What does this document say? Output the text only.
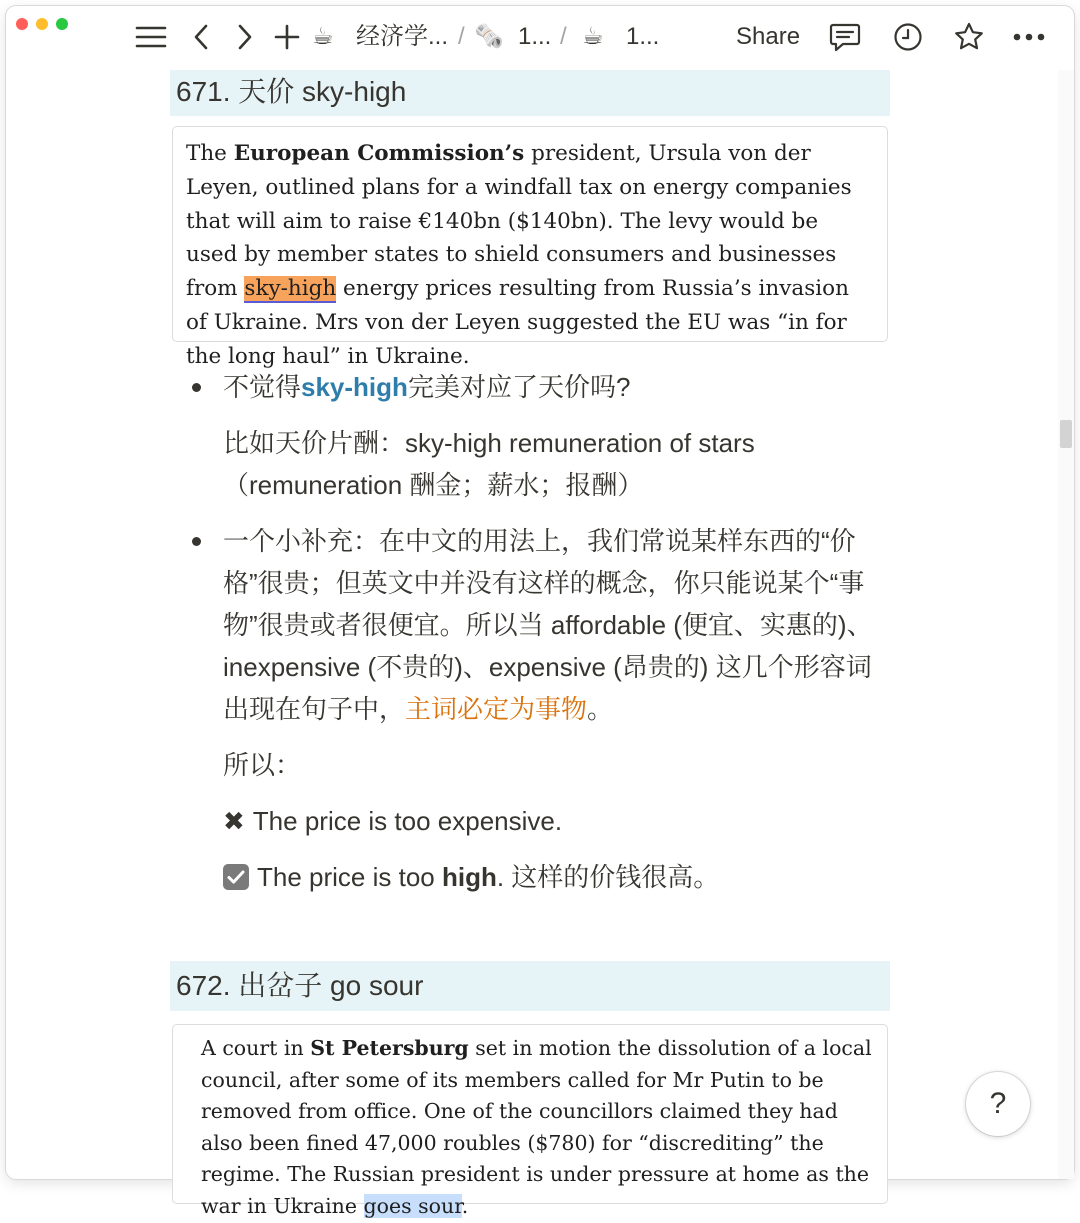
☕ 经济学... / 🗞️ 1... / ☕ 1...	Share
671. 天价 sky-high
The European Commission’s president, Ursula von der Leyen, outlined plans for a windfall tax on energy companies that will aim to raise €140bn ($140bn). The levy would be used by member states to shield consumers and businesses from sky-high energy prices resulting from Russia’s invasion of Ukraine. Mrs von der Leyen suggested the EU was “in for the long haul” in Ukraine.
不觉得sky-high完美对应了天价吗?
比如天价片酬：sky-high remuneration of stars
（remuneration 酬金；薪水；报酬）
一个小补充：在中文的用法上，我们常说某样东西的“价格”很贵；但英文中并没有这样的概念，你只能说某个“事物”很贵或者很便宜。所以当 affordable (便宜、实惠的)、inexpensive (不贵的)、expensive (昂贵的) 这几个形容词出现在句子中，主词必定为事物。
所以：
✖ The price is too expensive.
The price is too high. 这样的价钱很高。
672. 出岔子 go sour
A court in St Petersburg set in motion the dissolution of a local council, after some of its members called for Mr Putin to be removed from office. One of the councillors claimed they had also been fined 47,000 roubles ($780) for “discrediting” the regime. The Russian president is under pressure at home as the war in Ukraine goes sour.
?
